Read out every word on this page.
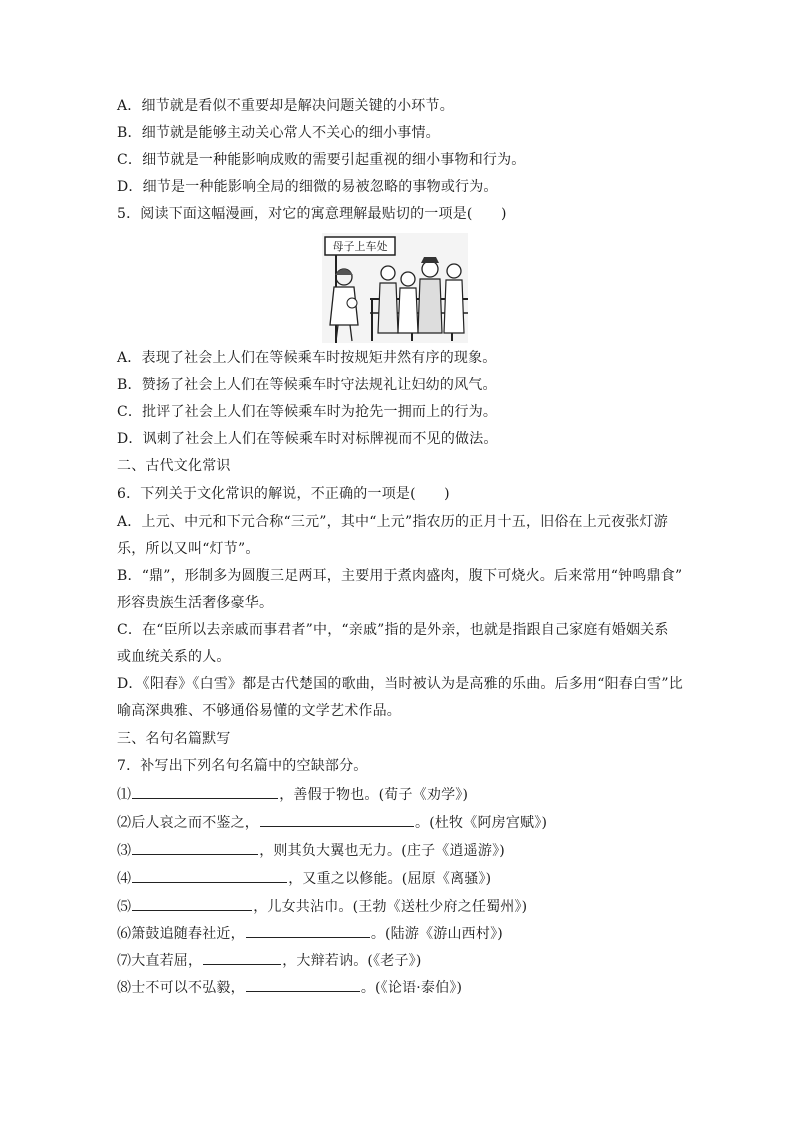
A．细节就是看似不重要却是解决问题关键的小环节。
B．细节就是能够主动关心常人不关心的细小事情。
C．细节就是一种能影响成败的需要引起重视的细小事物和行为。
D．细节是一种能影响全局的细微的易被忽略的事物或行为。
5．阅读下面这幅漫画，对它的寓意理解最贴切的一项是(　　)
母子上车处
A．表现了社会上人们在等候乘车时按规矩井然有序的现象。
B．赞扬了社会上人们在等候乘车时守法规礼让妇幼的风气。
C．批评了社会上人们在等候乘车时为抢先一拥而上的行为。
D．讽刺了社会上人们在等候乘车时对标牌视而不见的做法。
二、古代文化常识
6．下列关于文化常识的解说，不正确的一项是(　　)
A．上元、中元和下元合称“三元”，其中“上元”指农历的正月十五，旧俗在上元夜张灯游
乐，所以又叫“灯节”。
B．“鼎”，形制多为圆腹三足两耳，主要用于煮肉盛肉，腹下可烧火。后来常用“钟鸣鼎食”
形容贵族生活奢侈豪华。
C．在“臣所以去亲戚而事君者”中，“亲戚”指的是外亲，也就是指跟自己家庭有婚姻关系
或血统关系的人。
D．《阳春》《白雪》都是古代楚国的歌曲，当时被认为是高雅的乐曲。后多用“阳春白雪”比
喻高深典雅、不够通俗易懂的文学艺术作品。
三、名句名篇默写
7．补写出下列名句名篇中的空缺部分。
⑴	，善假于物也。(荀子《劝学》)
⑵后人哀之而不鉴之，	。(杜牧《阿房宫赋》)
⑶	，则其负大翼也无力。(庄子《逍遥游》)
⑷	，又重之以修能。(屈原《离骚》)
⑸	，儿女共沾巾。(王勃《送杜少府之任蜀州》)
⑹箫鼓追随春社近，	。(陆游《游山西村》)
⑺大直若屈，	，大辩若讷。(《老子》)
⑻士不可以不弘毅，	。(《论语·泰伯》)
